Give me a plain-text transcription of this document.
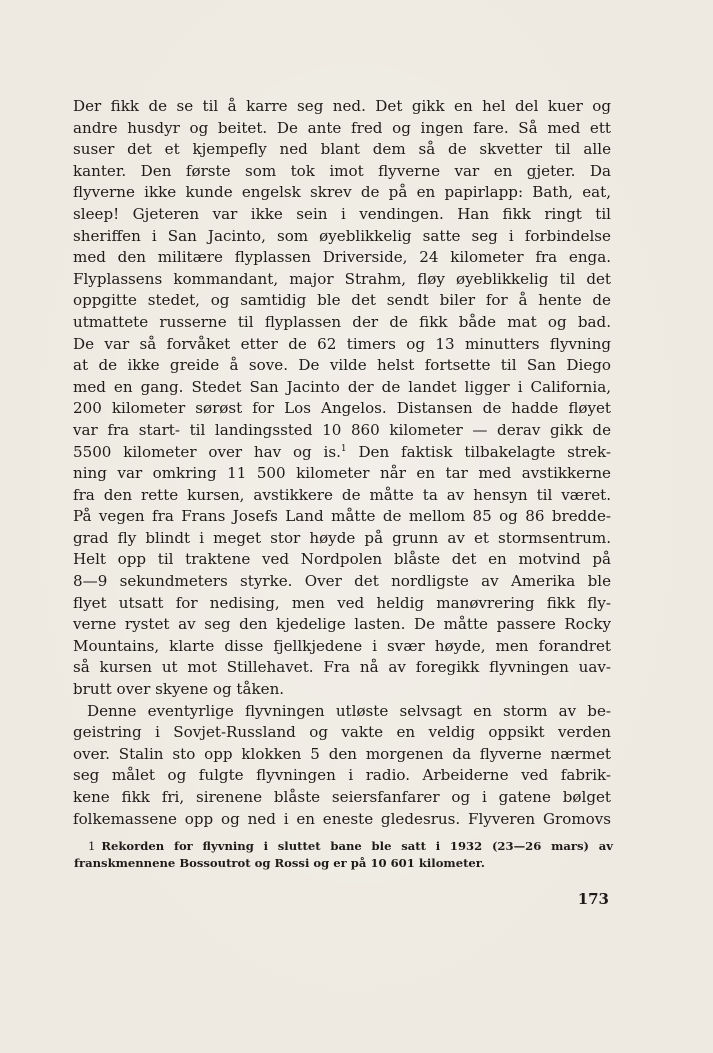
Der fikk de se til å karre seg ned. Det gikk en hel del kuer og
andre husdyr og beitet. De ante fred og ingen fare. Så med ett
suser det et kjempefly ned blant dem så de skvetter til alle
kanter. Den første som tok imot flyverne var en gjeter. Da
flyverne ikke kunde engelsk skrev de på en papirlapp: Bath, eat,
sleep! Gjeteren var ikke sein i vendingen. Han fikk ringt til
sheriffen i San Jacinto, som øyeblikkelig satte seg i forbindelse
med den militære flyplassen Driverside, 24 kilometer fra enga.
Flyplassens kommandant, major Strahm, fløy øyeblikkelig til det
oppgitte stedet, og samtidig ble det sendt biler for å hente de
utmattete russerne til flyplassen der de fikk både mat og bad.
De var så forvåket etter de 62 timers og 13 minutters flyvning
at de ikke greide å sove. De vilde helst fortsette til San Diego
med en gang. Stedet San Jacinto der de landet ligger i California,
200 kilometer sørøst for Los Angelos. Distansen de hadde fløyet
var fra start- til landingssted 10 860 kilometer — derav gikk de
5500 kilometer over hav og is.$^1$ Den faktisk tilbakelagte strek-
ning var omkring 11 500 kilometer når en tar med avstikkerne
fra den rette kursen, avstikkere de måtte ta av hensyn til været.
På vegen fra Frans Josefs Land måtte de mellom 85 og 86 bredde-
grad fly blindt i meget stor høyde på grunn av et stormsentrum.
Helt opp til traktene ved Nordpolen blåste det en motvind på
8—9 sekundmeters styrke. Over det nordligste av Amerika ble
flyet utsatt for nedising, men ved heldig manøvrering fikk fly-
verne rystet av seg den kjedelige lasten. De måtte passere Rocky
Mountains, klarte disse fjellkjedene i svær høyde, men forandret
så kursen ut mot Stillehavet. Fra nå av foregikk flyvningen uav-
brutt over skyene og tåken.

Denne eventyrlige flyvningen utløste selvsagt en storm av be-
geistring i Sovjet-Russland og vakte en veldig oppsikt verden
over. Stalin sto opp klokken 5 den morgenen da flyverne nærmet
seg målet og fulgte flyvningen i radio. Arbeiderne ved fabrik-
kene fikk fri, sirenene blåste seiersfanfarer og i gatene bølget
folkemassene opp og ned i en eneste gledesrus. Flyveren Gromovs

1 Rekorden for flyvning i sluttet bane ble satt i 1932 (23—26 mars) av
franskmennene Bossoutrot og Rossi og er på 10 601 kilometer.
173
